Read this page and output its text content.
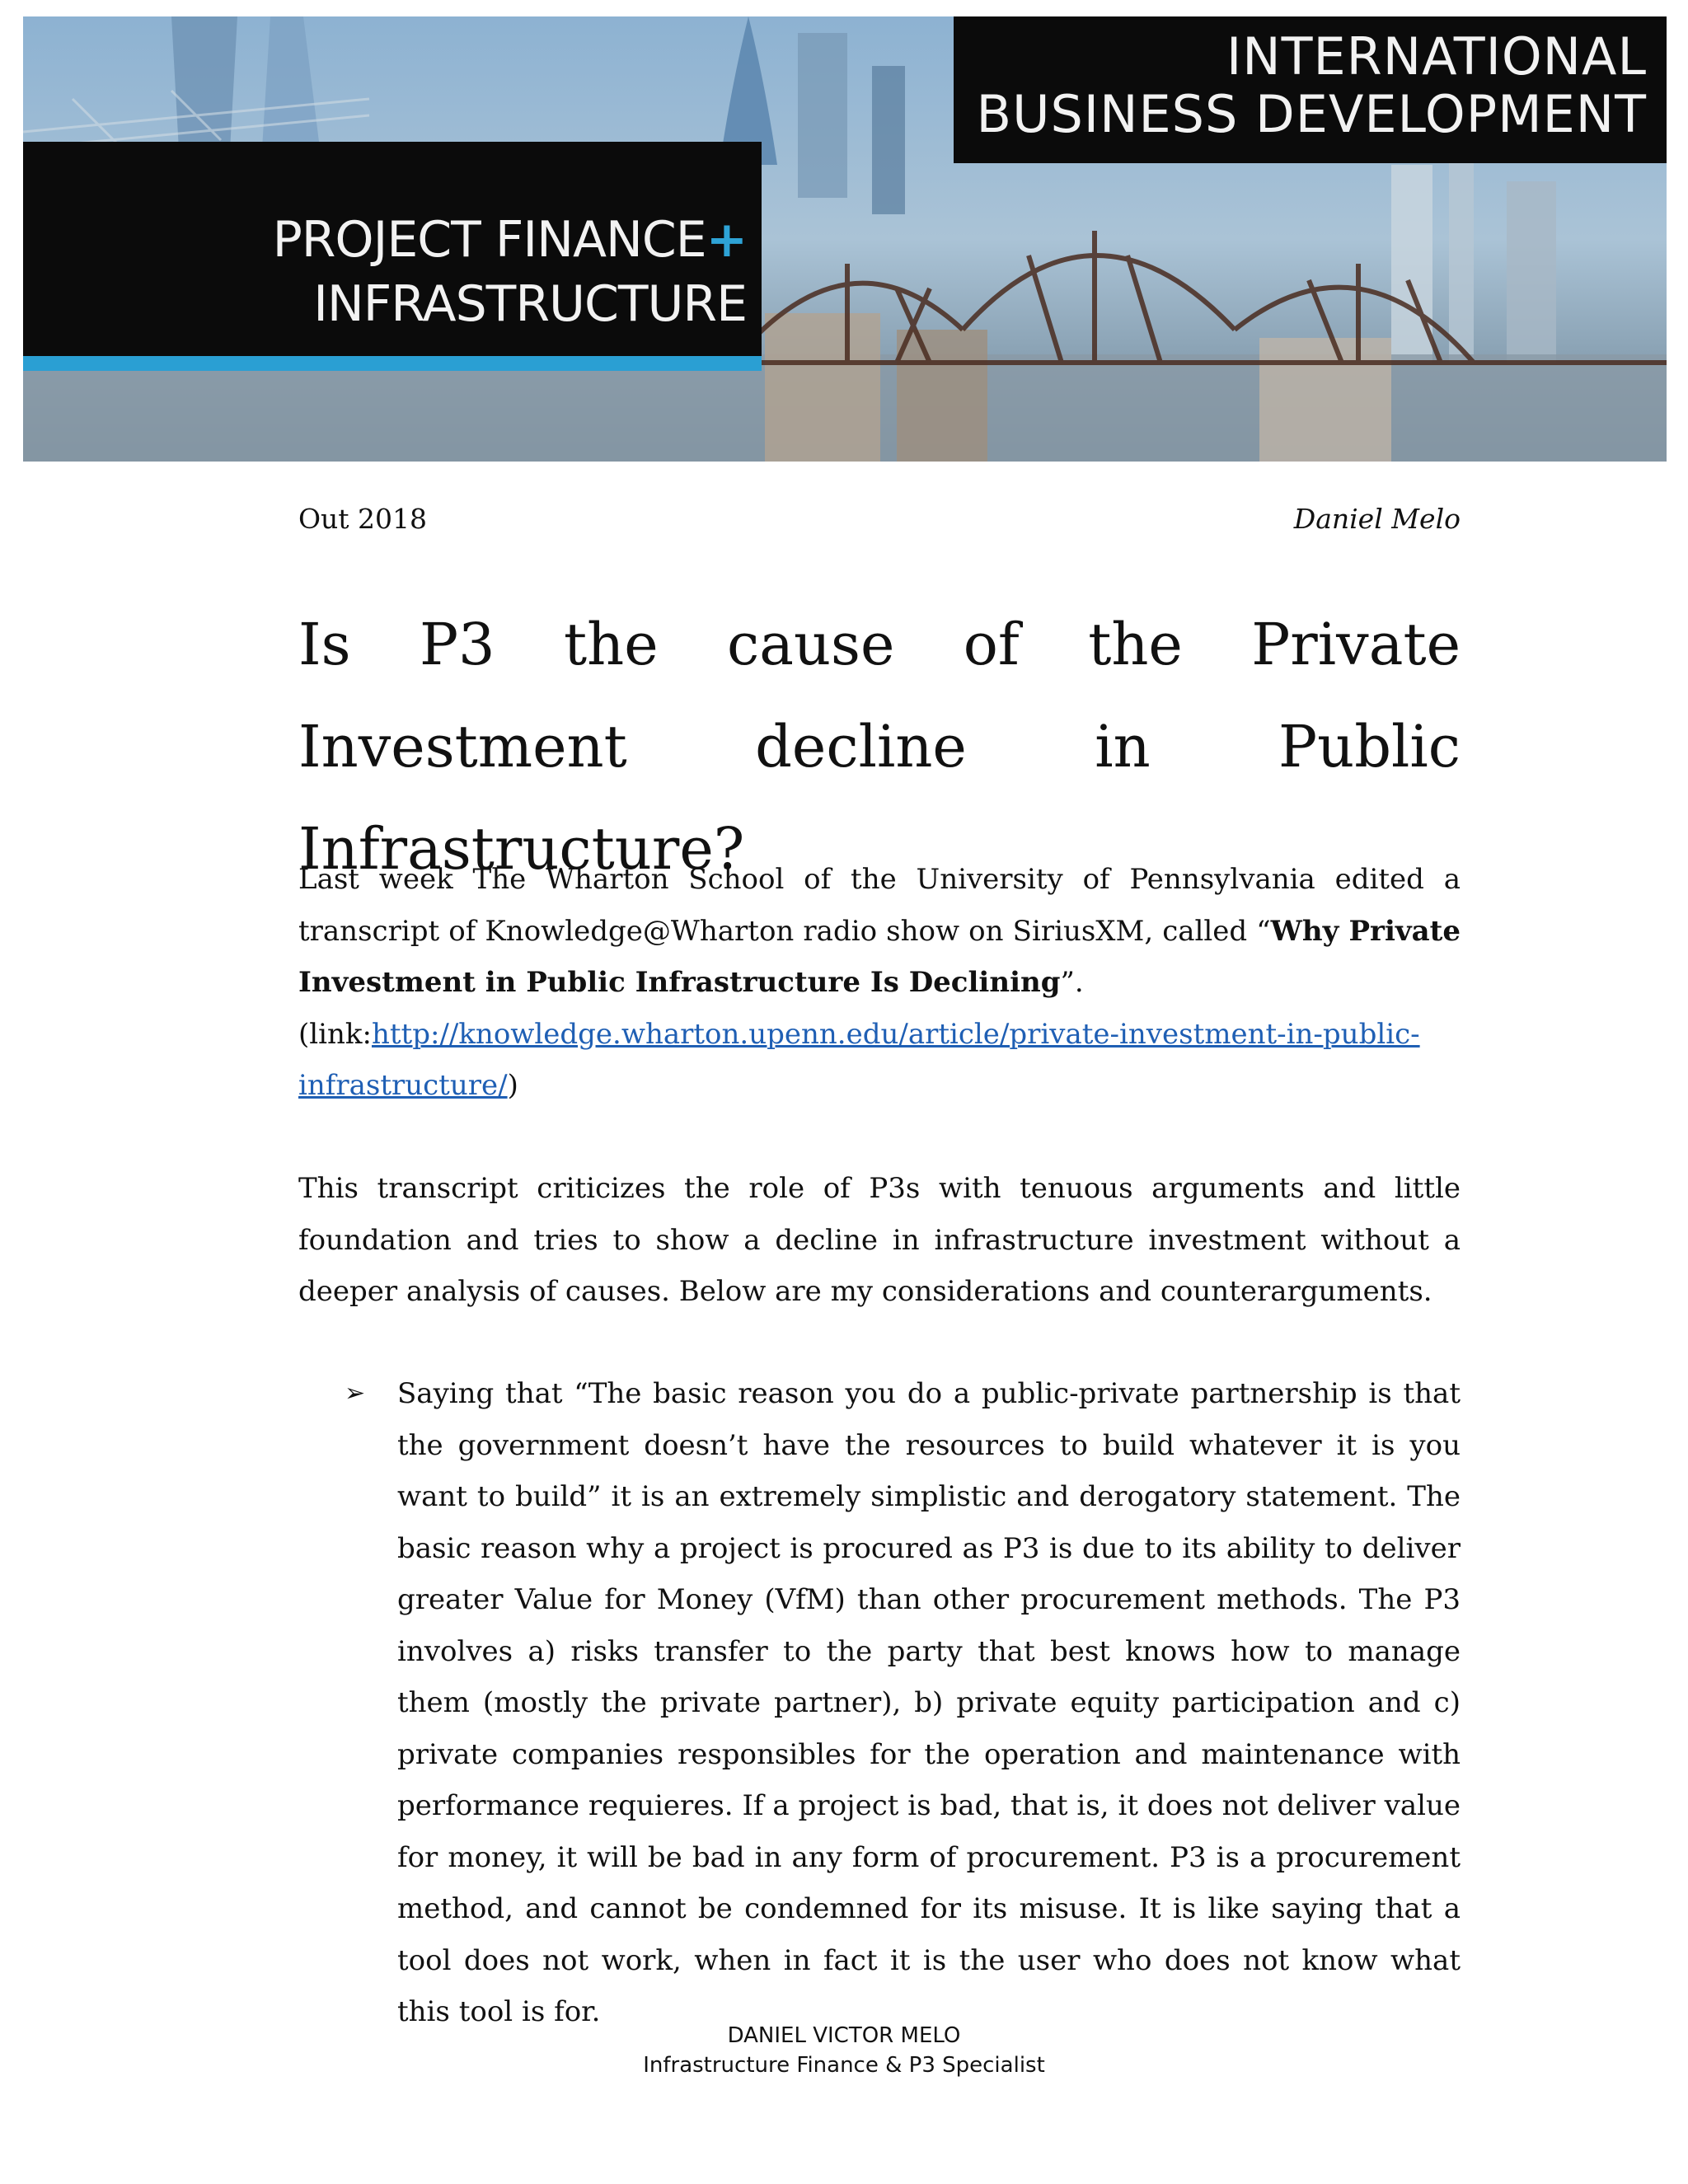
INTERNATIONAL
BUSINESS DEVELOPMENT
PROJECT FINANCE+
INFRASTRUCTURE
Out 2018	Daniel Melo
Is P3 the cause of the Private Investment decline in Public Infrastructure?

Last week The Wharton School of the University of Pennsylvania edited a transcript of Knowledge@Wharton radio show on SiriusXM, called “Why Private Investment in Public Infrastructure Is Declining”.
(link:http://knowledge.wharton.upenn.edu/article/private-investment-in-public-infrastructure/)

This transcript criticizes the role of P3s with tenuous arguments and little foundation and tries to show a decline in infrastructure investment without a deeper analysis of causes. Below are my considerations and counterarguments.

➢ Saying that “The basic reason you do a public-private partnership is that the government doesn’t have the resources to build whatever it is you want to build” it is an extremely simplistic and derogatory statement. The basic reason why a project is procured as P3 is due to its ability to deliver greater Value for Money (VfM) than other procurement methods. The P3 involves a) risks transfer to the party that best knows how to manage them (mostly the private partner), b) private equity participation and c) private companies responsibles for the operation and maintenance with performance requieres. If a project is bad, that is, it does not deliver value for money, it will be bad in any form of procurement. P3 is a procurement method, and cannot be condemned for its misuse. It is like saying that a tool does not work, when in fact it is the user who does not know what this tool is for.
DANIEL VICTOR MELO
Infrastructure Finance & P3 Specialist
